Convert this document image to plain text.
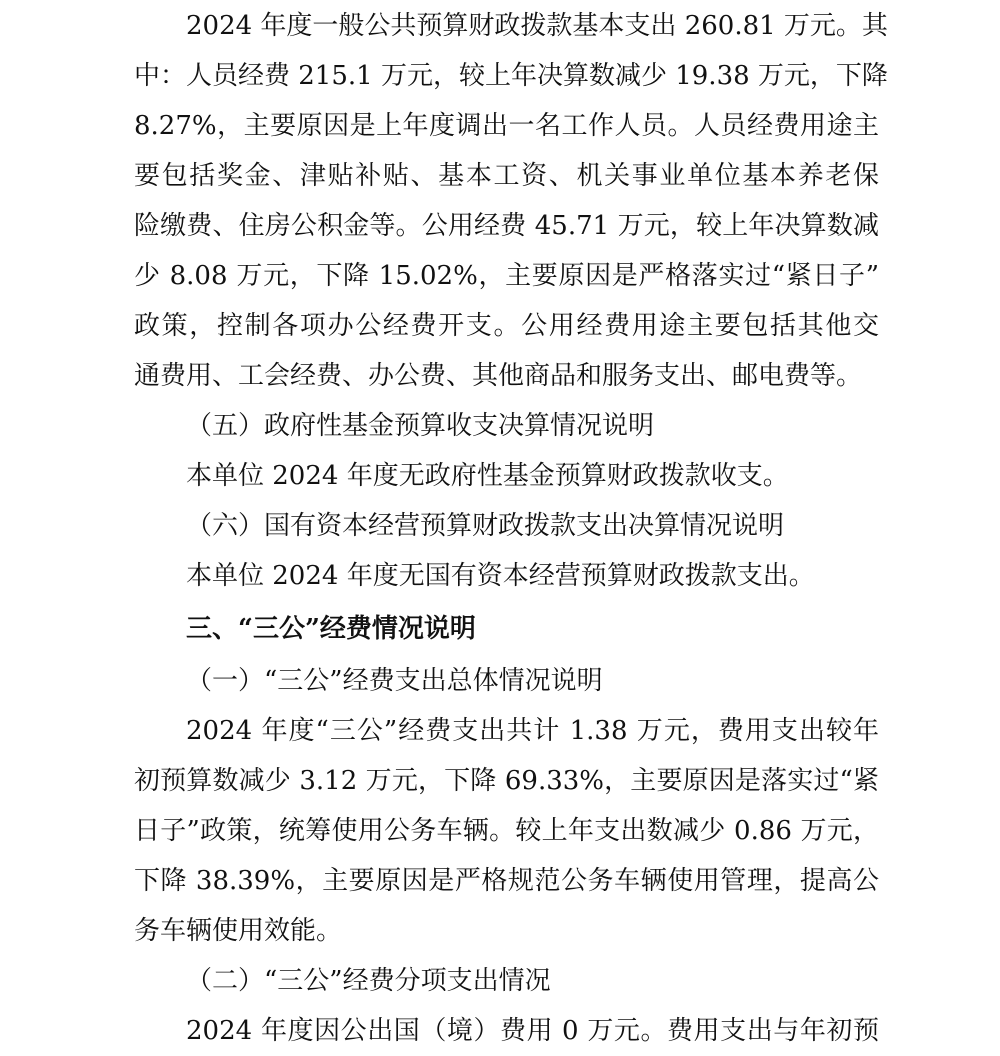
2024 年度一般公共预算财政拨款基本支出 260.81 万元。其
中：人员经费 215.1 万元，较上年决算数减少 19.38 万元，下降
8.27%，主要原因是上年度调出一名工作人员。人员经费用途主
要包括奖金、津贴补贴、基本工资、机关事业单位基本养老保
险缴费、住房公积金等。公用经费 45.71 万元，较上年决算数减
少 8.08 万元，下降 15.02%，主要原因是严格落实过“紧日子”
政策，控制各项办公经费开支。公用经费用途主要包括其他交
通费用、工会经费、办公费、其他商品和服务支出、邮电费等。
（五）政府性基金预算收支决算情况说明
本单位 2024 年度无政府性基金预算财政拨款收支。
（六）国有资本经营预算财政拨款支出决算情况说明
本单位 2024 年度无国有资本经营预算财政拨款支出。
三、“三公”经费情况说明
（一）“三公”经费支出总体情况说明
2024 年度“三公”经费支出共计 1.38 万元，费用支出较年
初预算数减少 3.12 万元，下降 69.33%，主要原因是落实过“紧
日子”政策，统筹使用公务车辆。较上年支出数减少 0.86 万元，
下降 38.39%，主要原因是严格规范公务车辆使用管理，提高公
务车辆使用效能。
（二）“三公”经费分项支出情况
2024 年度因公出国（境）费用 0 万元。费用支出与年初预
